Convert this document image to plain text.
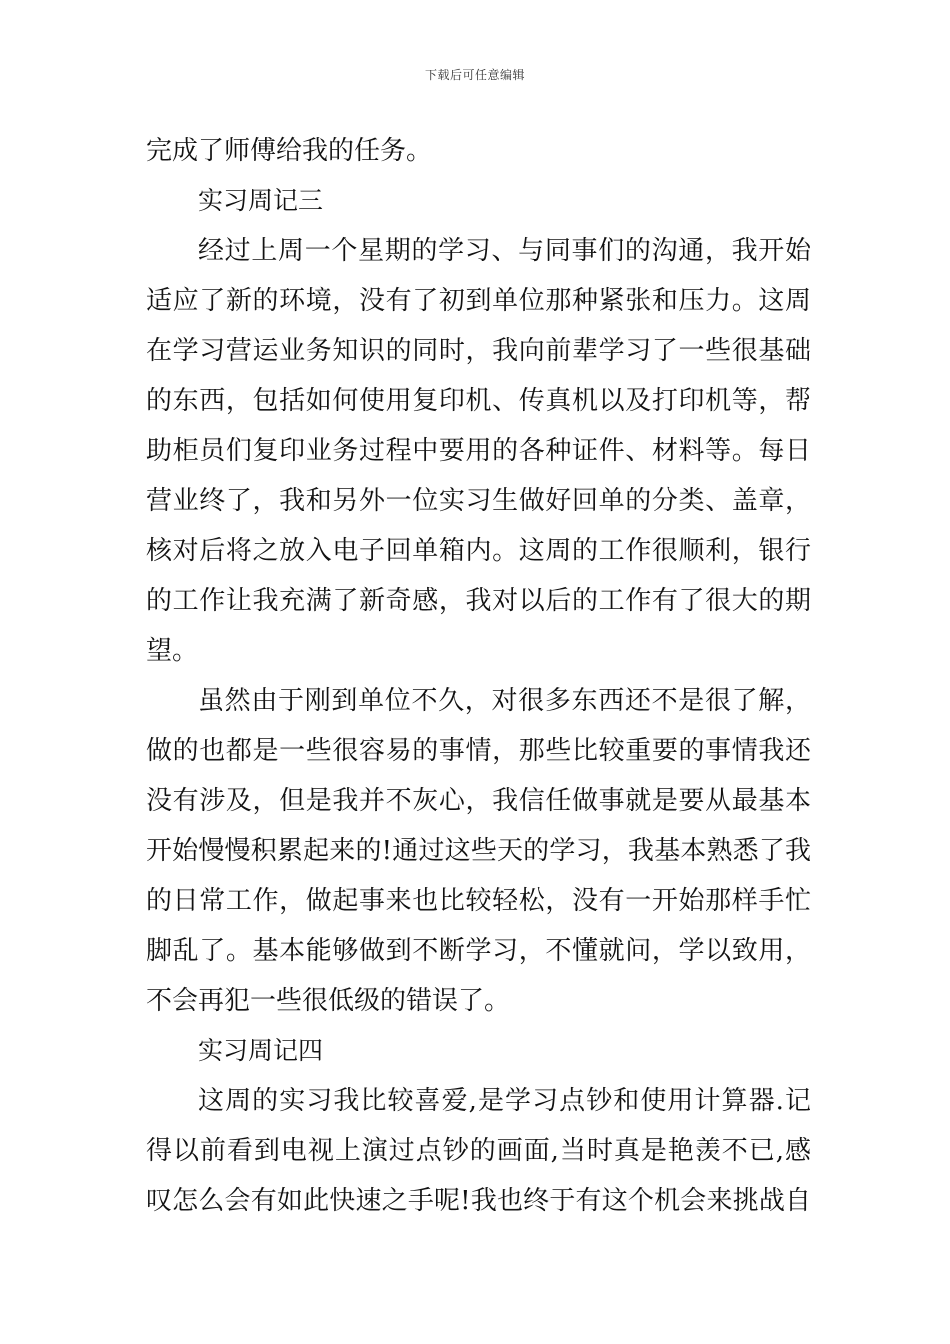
下载后可任意编辑
完成了师傅给我的任务。
实习周记三
经过上周一个星期的学习、与同事们的沟通，我开始
适应了新的环境，没有了初到单位那种紧张和压力。这周
在学习营运业务知识的同时，我向前辈学习了一些很基础
的东西，包括如何使用复印机、传真机以及打印机等，帮
助柜员们复印业务过程中要用的各种证件、材料等。每日
营业终了，我和另外一位实习生做好回单的分类、盖章，
核对后将之放入电子回单箱内。这周的工作很顺利，银行
的工作让我充满了新奇感，我对以后的工作有了很大的期
望。
虽然由于刚到单位不久，对很多东西还不是很了解，
做的也都是一些很容易的事情，那些比较重要的事情我还
没有涉及，但是我并不灰心，我信任做事就是要从最基本
开始慢慢积累起来的!通过这些天的学习，我基本熟悉了我
的日常工作，做起事来也比较轻松，没有一开始那样手忙
脚乱了。基本能够做到不断学习，不懂就问，学以致用，
不会再犯一些很低级的错误了。
实习周记四
这周的实习我比较喜爱,是学习点钞和使用计算器.记
得以前看到电视上演过点钞的画面,当时真是艳羡不已,感
叹怎么会有如此快速之手呢!我也终于有这个机会来挑战自
